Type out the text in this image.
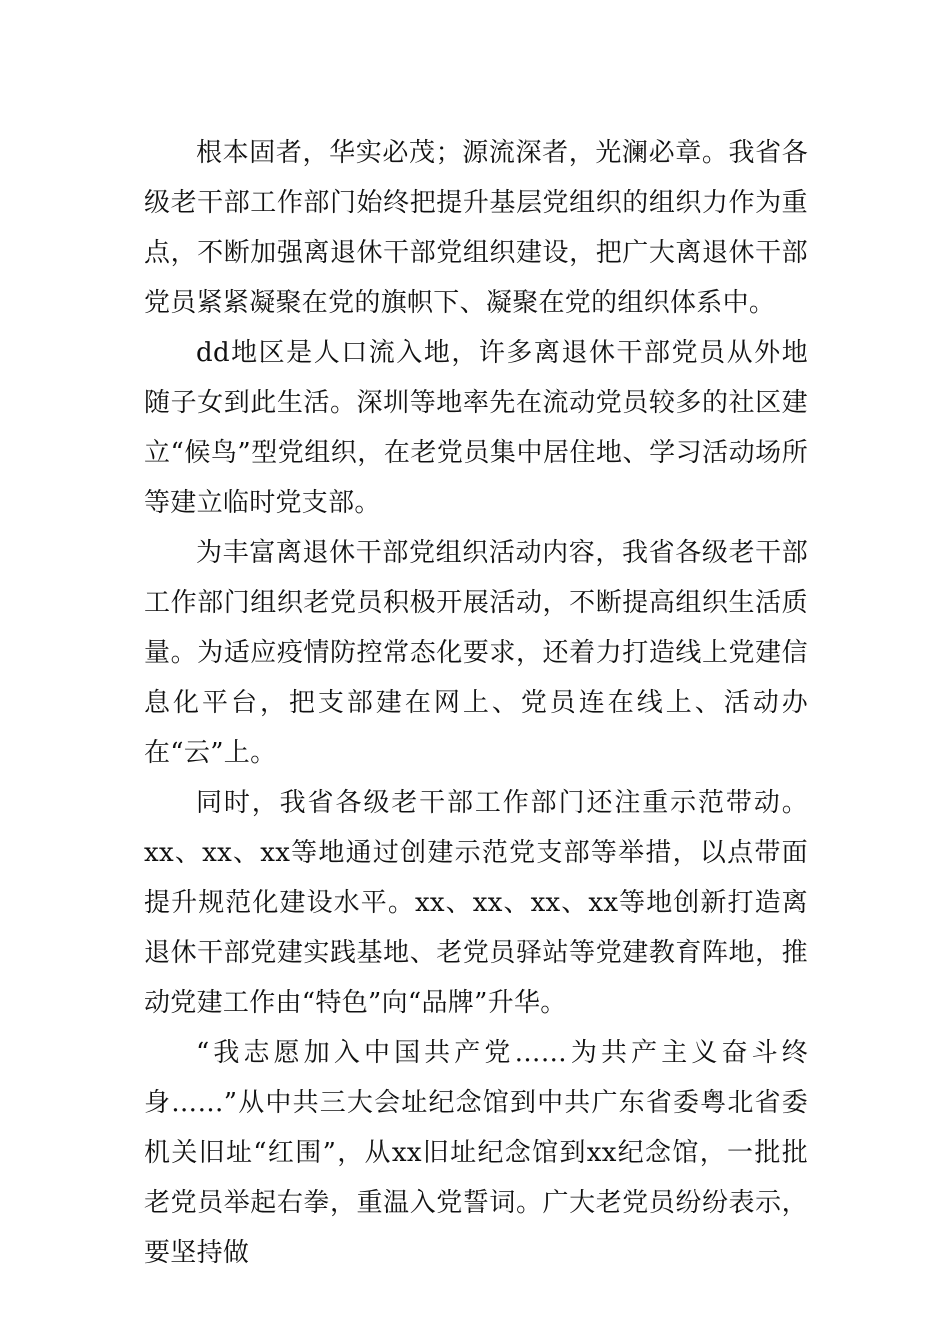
根本固者，华实必茂；源流深者，光澜必章。我省各级老干部工作部门始终把提升基层党组织的组织力作为重点，不断加强离退休干部党组织建设，把广大离退休干部党员紧紧凝聚在党的旗帜下、凝聚在党的组织体系中。

dd地区是人口流入地，许多离退休干部党员从外地随子女到此生活。深圳等地率先在流动党员较多的社区建立“候鸟”型党组织，在老党员集中居住地、学习活动场所等建立临时党支部。

为丰富离退休干部党组织活动内容，我省各级老干部工作部门组织老党员积极开展活动，不断提高组织生活质量。为适应疫情防控常态化要求，还着力打造线上党建信息化平台，把支部建在网上、党员连在线上、活动办在“云”上。

同时，我省各级老干部工作部门还注重示范带动。xx、xx、xx等地通过创建示范党支部等举措，以点带面提升规范化建设水平。xx、xx、xx、xx等地创新打造离退休干部党建实践基地、老党员驿站等党建教育阵地，推动党建工作由“特色”向“品牌”升华。

“我志愿加入中国共产党……为共产主义奋斗终身……”从中共三大会址纪念馆到中共广东省委粤北省委机关旧址“红围”，从xx旧址纪念馆到xx纪念馆，一批批老党员举起右拳，重温入党誓词。广大老党员纷纷表示，要坚持做
